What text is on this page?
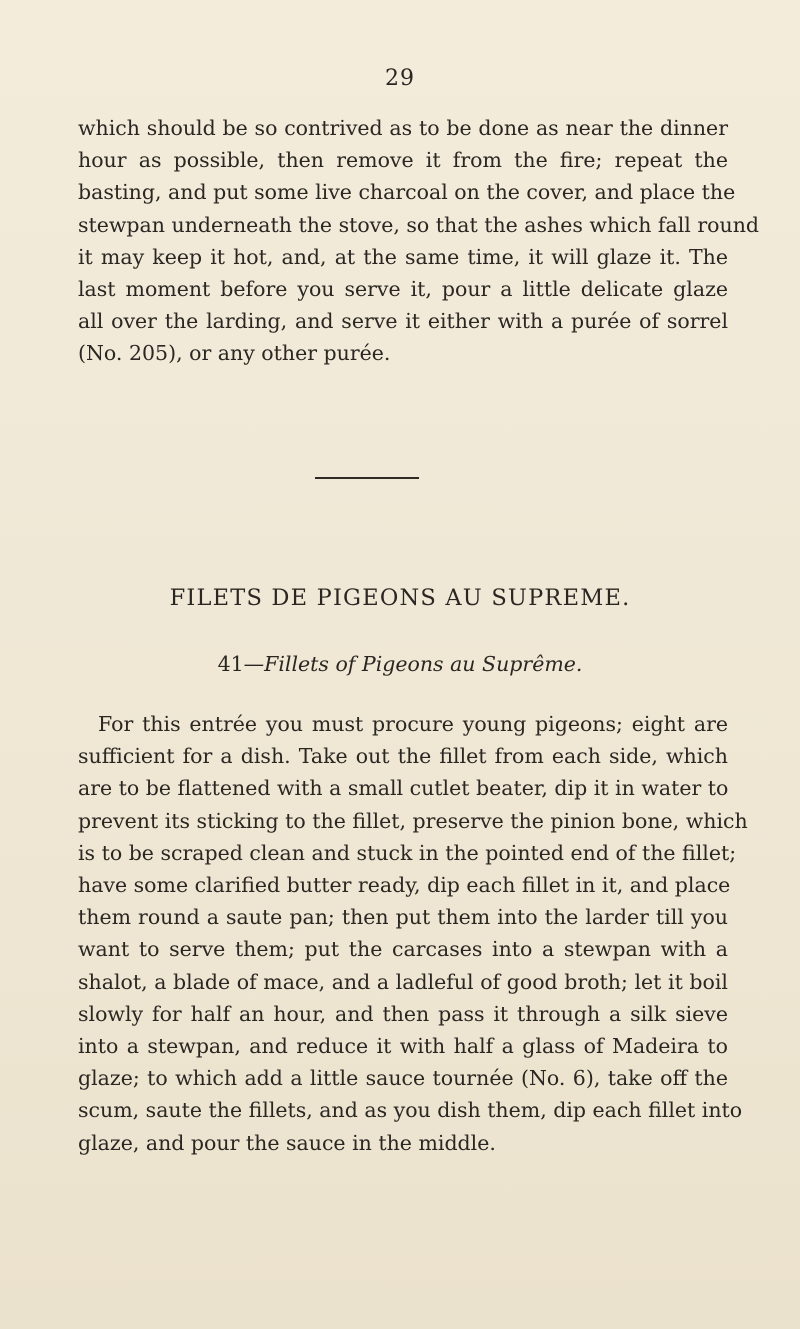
29

which should be so contrived as to be done as near the dinner
hour as possible, then remove it from the fire; repeat the
basting, and put some live charcoal on the cover, and place the
stewpan underneath the stove, so that the ashes which fall round
it may keep it hot, and, at the same time, it will glaze it. The
last moment before you serve it, pour a little delicate glaze
all over the larding, and serve it either with a purée of sorrel
(No. 205), or any other purée.

FILETS DE PIGEONS AU SUPREME.
41—Fillets of Pigeons au Suprême.

For this entrée you must procure young pigeons; eight are
sufficient for a dish. Take out the fillet from each side, which
are to be flattened with a small cutlet beater, dip it in water to
prevent its sticking to the fillet, preserve the pinion bone, which
is to be scraped clean and stuck in the pointed end of the fillet;
have some clarified butter ready, dip each fillet in it, and place
them round a saute pan; then put them into the larder till you
want to serve them; put the carcases into a stewpan with a
shalot, a blade of mace, and a ladleful of good broth; let it boil
slowly for half an hour, and then pass it through a silk sieve
into a stewpan, and reduce it with half a glass of Madeira to
glaze; to which add a little sauce tournée (No. 6), take off the
scum, saute the fillets, and as you dish them, dip each fillet into
glaze, and pour the sauce in the middle.
